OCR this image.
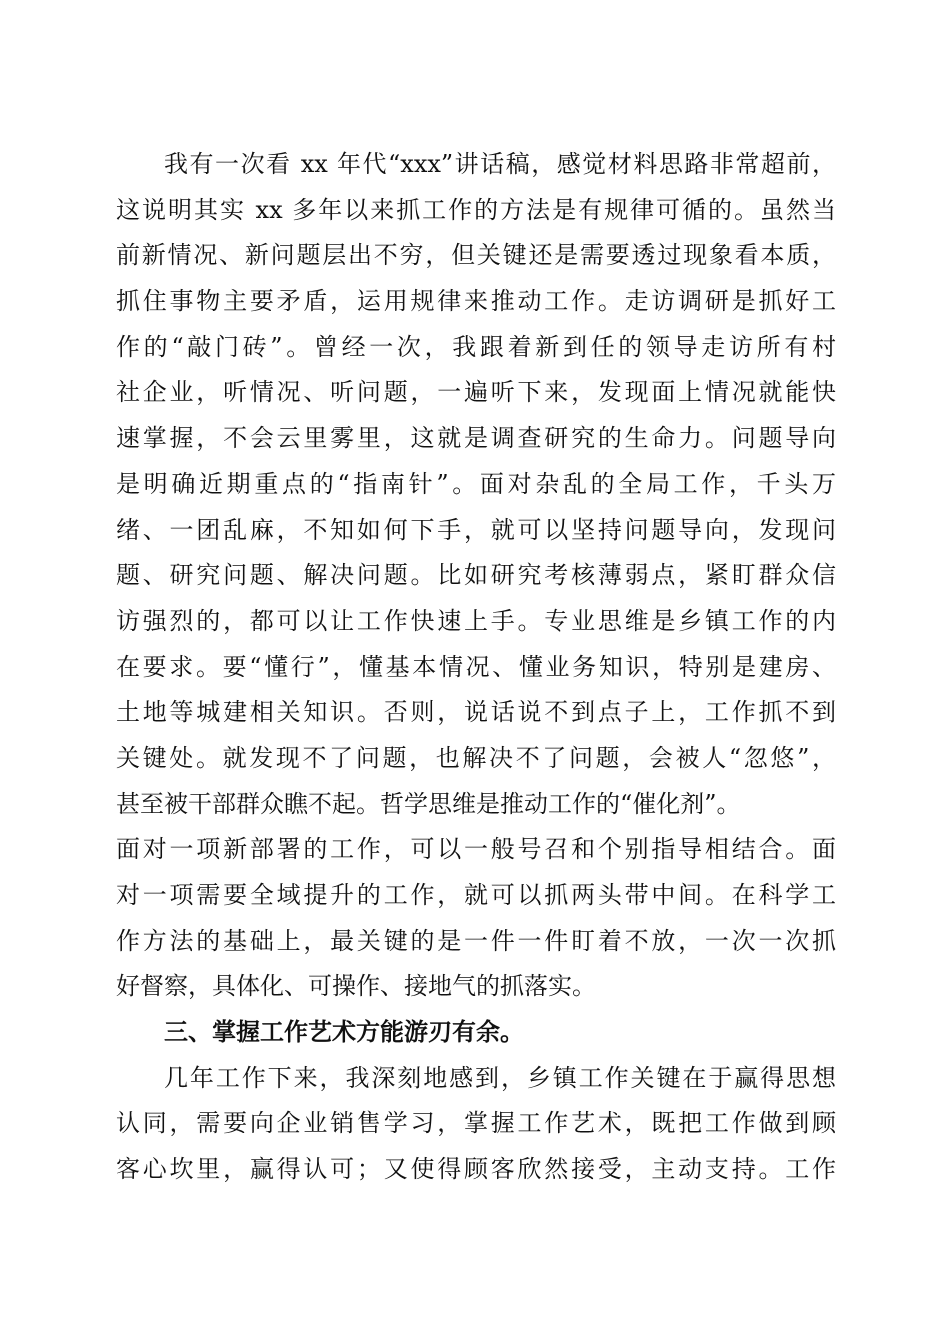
我有一次看 xx 年代“xxx”讲话稿，感觉材料思路非常超前，
这说明其实 xx 多年以来抓工作的方法是有规律可循的。虽然当
前新情况、新问题层出不穷，但关键还是需要透过现象看本质，
抓住事物主要矛盾，运用规律来推动工作。走访调研是抓好工
作的“敲门砖”。曾经一次，我跟着新到任的领导走访所有村
社企业，听情况、听问题，一遍听下来，发现面上情况就能快
速掌握，不会云里雾里，这就是调查研究的生命力。问题导向
是明确近期重点的“指南针”。面对杂乱的全局工作，千头万
绪、一团乱麻，不知如何下手，就可以坚持问题导向，发现问
题、研究问题、解决问题。比如研究考核薄弱点，紧盯群众信
访强烈的，都可以让工作快速上手。专业思维是乡镇工作的内
在要求。要“懂行”，懂基本情况、懂业务知识，特别是建房、
土地等城建相关知识。否则，说话说不到点子上，工作抓不到
关键处。就发现不了问题，也解决不了问题，会被人“忽悠”，
甚至被干部群众瞧不起。哲学思维是推动工作的“催化剂”。
面对一项新部署的工作，可以一般号召和个别指导相结合。面
对一项需要全域提升的工作，就可以抓两头带中间。在科学工
作方法的基础上，最关键的是一件一件盯着不放，一次一次抓
好督察，具体化、可操作、接地气的抓落实。
三、掌握工作艺术方能游刃有余。
几年工作下来，我深刻地感到，乡镇工作关键在于赢得思想
认同，需要向企业销售学习，掌握工作艺术，既把工作做到顾
客心坎里，赢得认可；又使得顾客欣然接受，主动支持。工作
